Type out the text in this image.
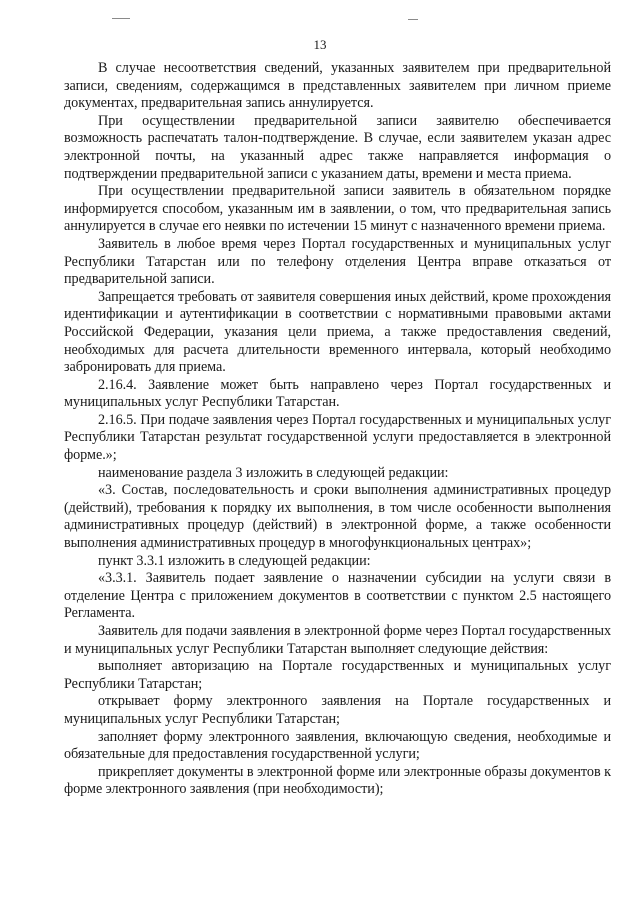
13

В случае несоответствия сведений, указанных заявителем при предварительной записи, сведениям, содержащимся в представленных заявителем при личном приеме документах, предварительная запись аннулируется.

При осуществлении предварительной записи заявителю обеспечивается возможность распечатать талон-подтверждение. В случае, если заявителем указан адрес электронной почты, на указанный адрес также направляется информация о подтверждении предварительной записи с указанием даты, времени и места приема.

При осуществлении предварительной записи заявитель в обязательном порядке информируется способом, указанным им в заявлении, о том, что предварительная запись аннулируется в случае его неявки по истечении 15 минут с назначенного времени приема.

Заявитель в любое время через Портал государственных и муниципальных услуг Республики Татарстан или по телефону отделения Центра вправе отказаться от предварительной записи.

Запрещается требовать от заявителя совершения иных действий, кроме прохождения идентификации и аутентификации в соответствии с нормативными правовыми актами Российской Федерации, указания цели приема, а также предоставления сведений, необходимых для расчета длительности временного интервала, который необходимо забронировать для приема.

2.16.4. Заявление может быть направлено через Портал государственных и муниципальных услуг Республики Татарстан.

2.16.5. При подаче заявления через Портал государственных и муниципальных услуг Республики Татарстан результат государственной услуги предоставляется в электронной форме.»;

наименование раздела 3 изложить в следующей редакции:

«3. Состав, последовательность и сроки выполнения административных процедур (действий), требования к порядку их выполнения, в том числе особенности выполнения административных процедур (действий) в электронной форме, а также особенности выполнения административных процедур в многофункциональных центрах»;

пункт 3.3.1 изложить в следующей редакции:

«3.3.1. Заявитель подает заявление о назначении субсидии на услуги связи в отделение Центра с приложением документов в соответствии с пунктом 2.5 настоящего Регламента.

Заявитель для подачи заявления в электронной форме через Портал государственных и муниципальных услуг Республики Татарстан выполняет следующие действия:

выполняет авторизацию на Портале государственных и муниципальных услуг Республики Татарстан;

открывает форму электронного заявления на Портале государственных и муниципальных услуг Республики Татарстан;

заполняет форму электронного заявления, включающую сведения, необходимые и обязательные для предоставления государственной услуги;

прикрепляет документы в электронной форме или электронные образы документов к форме электронного заявления (при необходимости);
